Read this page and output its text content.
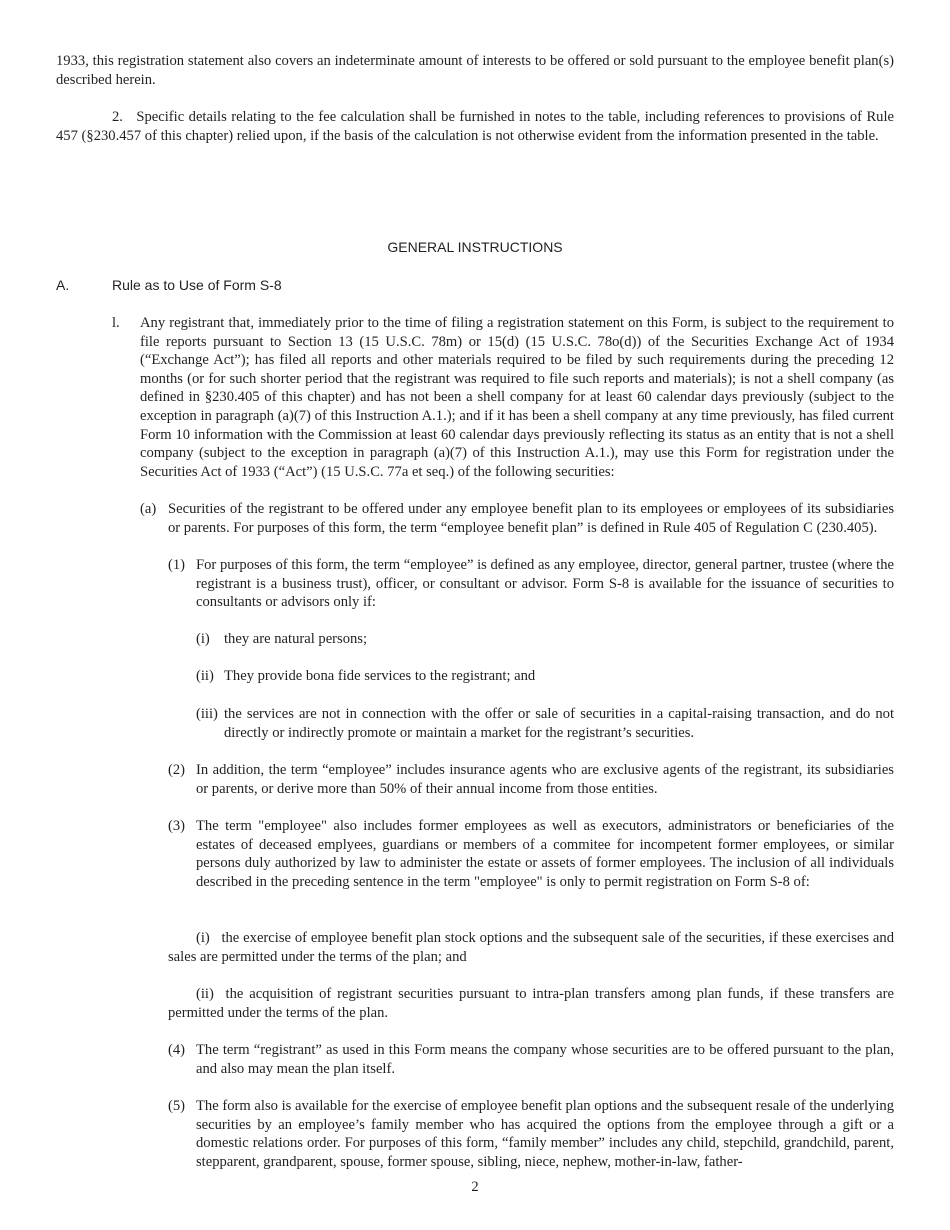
1933, this registration statement also covers an indeterminate amount of interests to be offered or sold pursuant to the employee benefit plan(s) described herein.

2. Specific details relating to the fee calculation shall be furnished in notes to the table, including references to provisions of Rule 457 (§230.457 of this chapter) relied upon, if the basis of the calculation is not otherwise evident from the information presented in the table.

GENERAL INSTRUCTIONS
A.	Rule as to Use of Form S-8
l. Any registrant that, immediately prior to the time of filing a registration statement on this Form, is subject to the requirement to file reports pursuant to Section 13 (15 U.S.C. 78m) or 15(d) (15 U.S.C. 78o(d)) of the Securities Exchange Act of 1934 (“Exchange Act”); has filed all reports and other materials required to be filed by such requirements during the preceding 12 months (or for such shorter period that the registrant was required to file such reports and materials); is not a shell company (as defined in §230.405 of this chapter) and has not been a shell company for at least 60 calendar days previously (subject to the exception in paragraph (a)(7) of this Instruction A.1.); and if it has been a shell company at any time previously, has filed current Form 10 information with the Commission at least 60 calendar days previously reflecting its status as an entity that is not a shell company (subject to the exception in paragraph (a)(7) of this Instruction A.1.), may use this Form for registration under the Securities Act of 1933 (“Act”) (15 U.S.C. 77a et seq.) of the following securities:

(a) Securities of the registrant to be offered under any employee benefit plan to its employees or employees of its subsidiaries or parents. For purposes of this form, the term “employee benefit plan” is defined in Rule 405 of Regulation C (230.405).

(1) For purposes of this form, the term “employee” is defined as any employee, director, general partner, trustee (where the registrant is a business trust), officer, or consultant or advisor. Form S-8 is available for the issuance of securities to consultants or advisors only if:

(i) they are natural persons;

(ii) They provide bona fide services to the registrant; and

(iii) the services are not in connection with the offer or sale of securities in a capital-raising transaction, and do not directly or indirectly promote or maintain a market for the registrant’s securities.

(2) In addition, the term “employee” includes insurance agents who are exclusive agents of the registrant, its subsidiaries or parents, or derive more than 50% of their annual income from those entities.

(3) The term "employee" also includes former employees as well as executors, administrators or beneficiaries of the estates of deceased emplyees, guardians or members of a commitee for incompetent former employees, or similar persons duly authorized by law to administer the estate or assets of former employees. The inclusion of all individuals described in the preceding sentence in the term "employee" is only to permit registration on Form S-8 of:

(i) the exercise of employee benefit plan stock options and the subsequent sale of the securities, if these exercises and sales are permitted under the terms of the plan; and

(ii) the acquisition of registrant securities pursuant to intra-plan transfers among plan funds, if these transfers are permitted under the terms of the plan.

(4) The term “registrant” as used in this Form means the company whose securities are to be offered pursuant to the plan, and also may mean the plan itself.

(5) The form also is available for the exercise of employee benefit plan options and the subsequent resale of the underlying securities by an employee’s family member who has acquired the options from the employee through a gift or a domestic relations order. For purposes of this form, “family member” includes any child, stepchild, grandchild, parent, stepparent, grandparent, spouse, former spouse, sibling, niece, nephew, mother-in-law, father-

2
